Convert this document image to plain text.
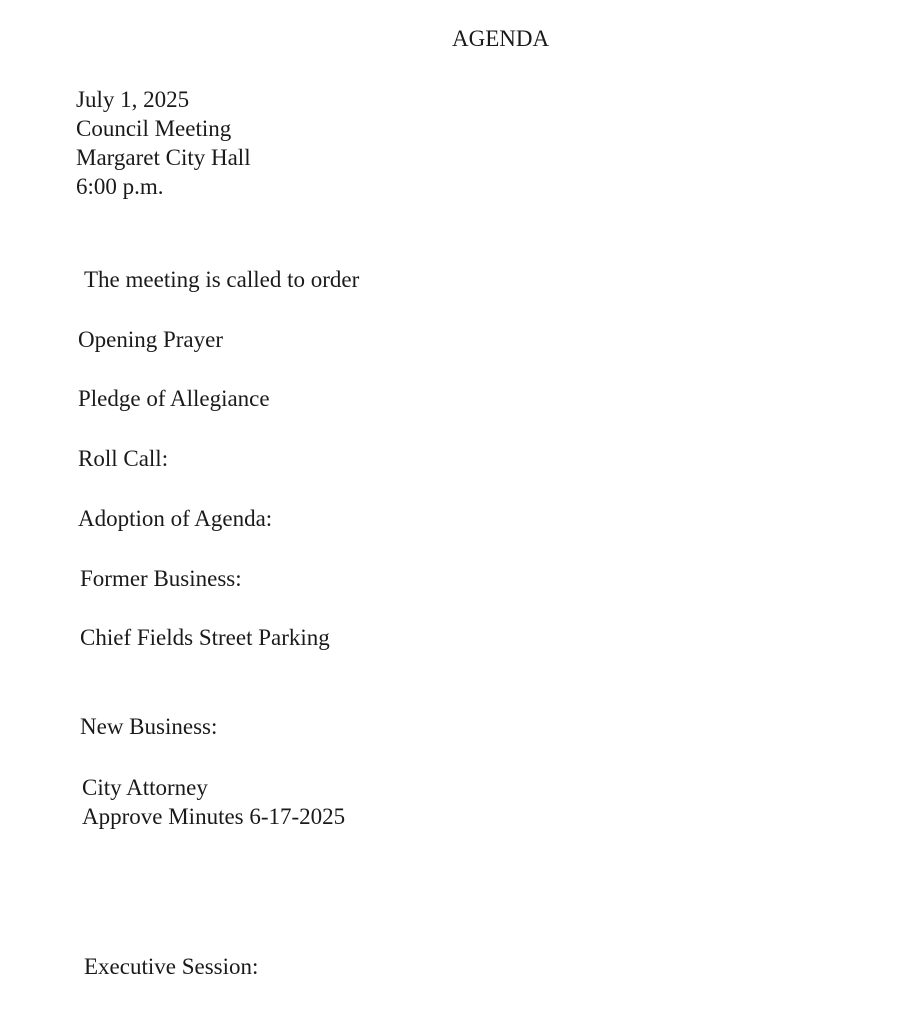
AGENDA

July 1, 2025

Council Meeting

Margaret City Hall

6:00 p.m.

The meeting is called to order

Opening Prayer

Pledge of Allegiance

Roll Call:

Adoption of Agenda:

Former Business:

Chief Fields Street Parking

New Business:

City Attorney

Approve Minutes 6-17-2025

Executive Session:
